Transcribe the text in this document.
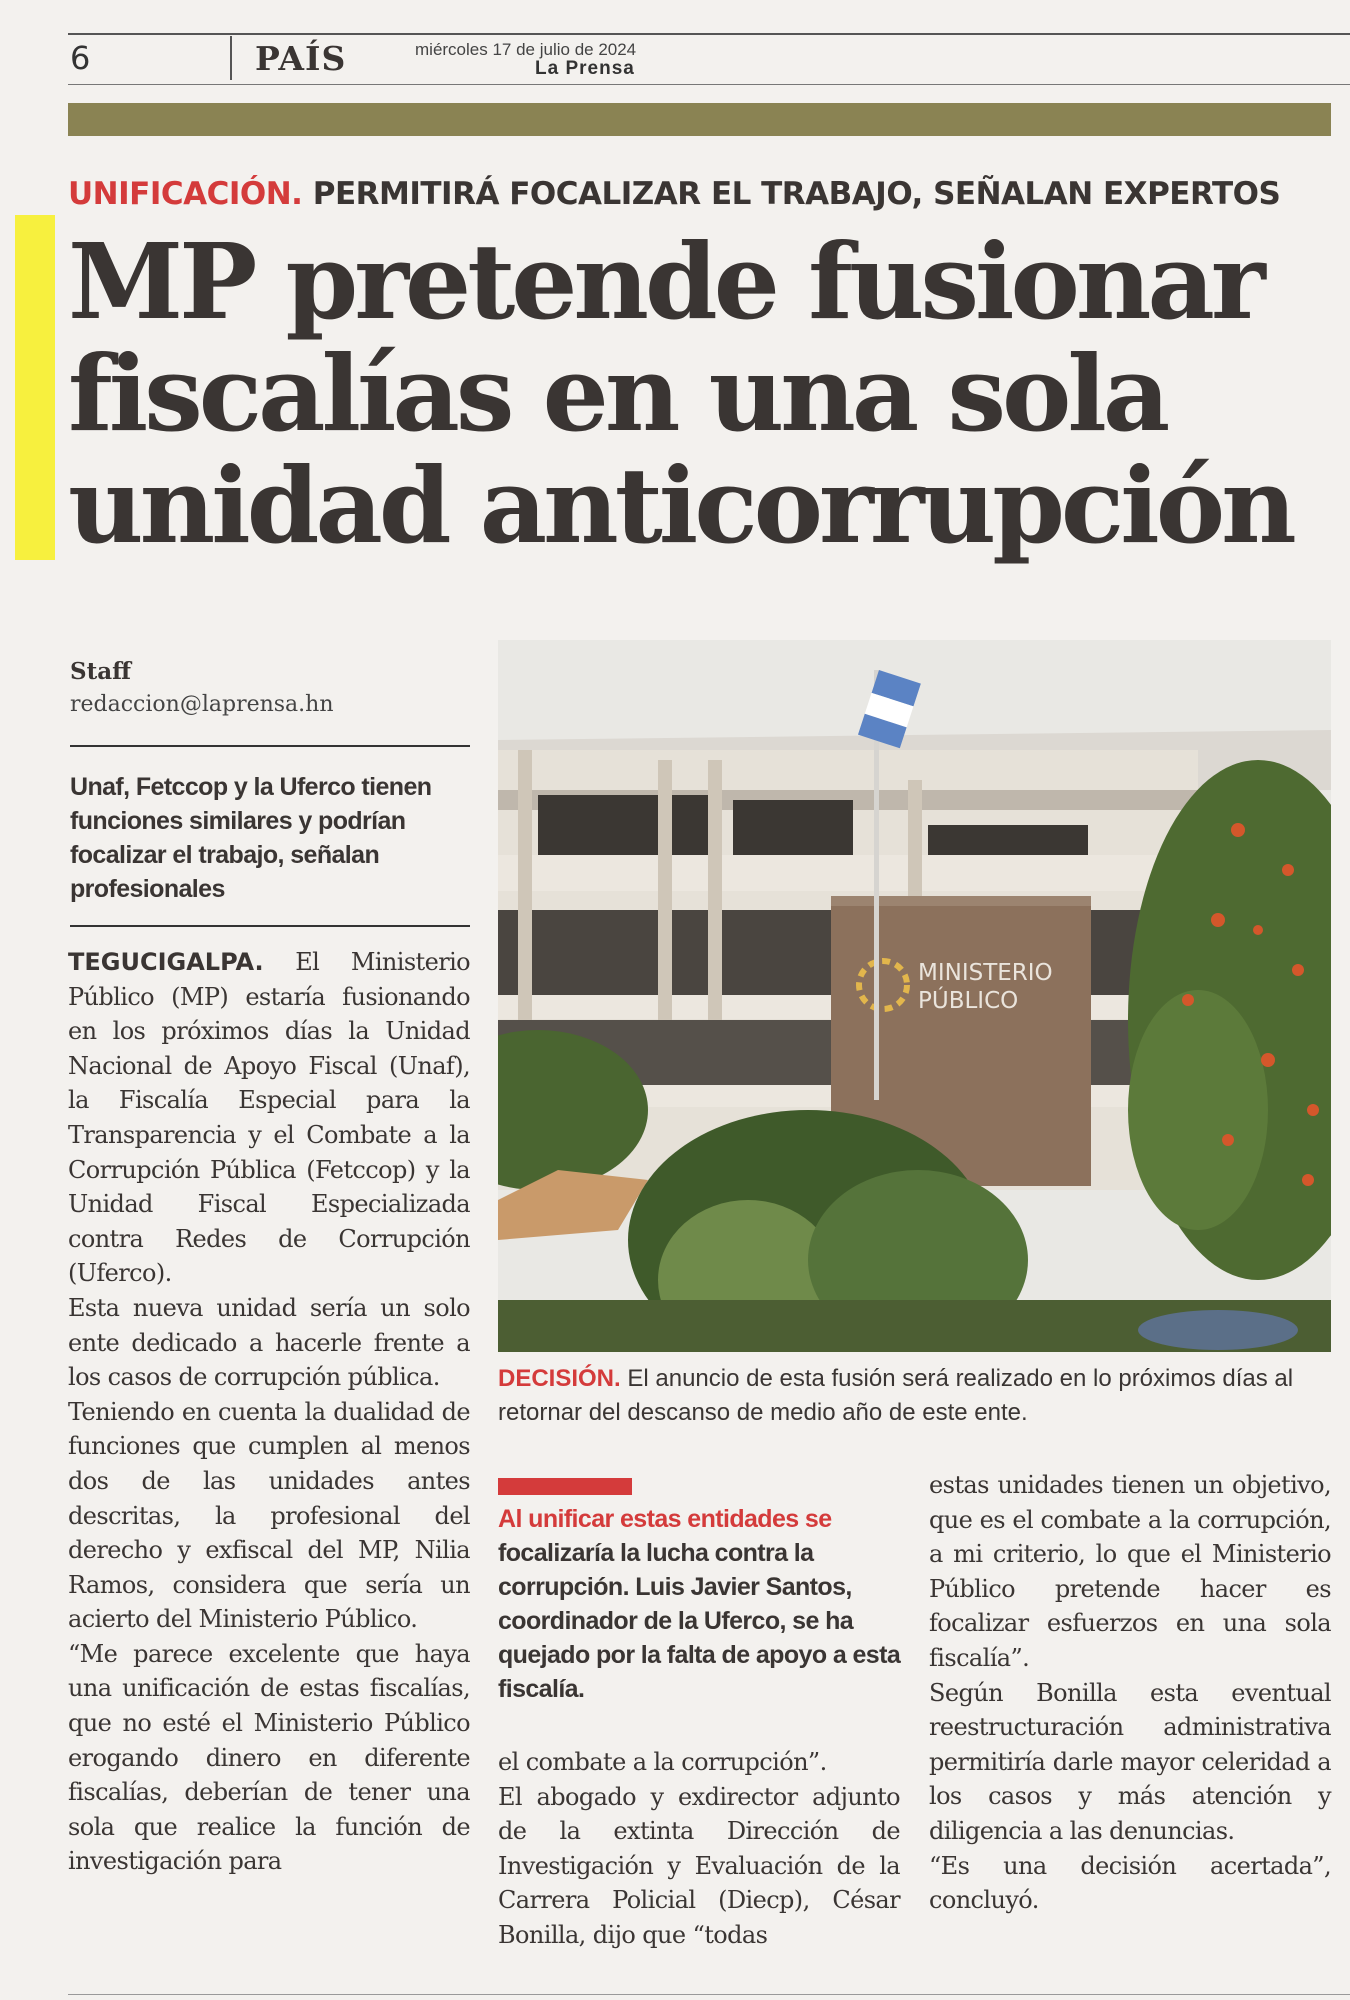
6	PAÍS	miércoles 17 de julio de 2024
La Prensa
UNIFICACIÓN. PERMITIRÁ FOCALIZAR EL TRABAJO, SEÑALAN EXPERTOS
MP pretende fusionar
fiscalías en una sola
unidad anticorrupción
Staff
redaccion@laprensa.hn
Unaf, Fetccop y la Uferco tienen funciones similares y podrían focalizar el trabajo, señalan profesionales

TEGUCIGALPA. El Ministerio Público (MP) estaría fusionando en los próximos días la Unidad Nacional de Apoyo Fiscal (Unaf), la Fiscalía Especial para la Transparencia y el Combate a la Corrupción Pública (Fetccop) y la Unidad Fiscal Especializada contra Redes de Corrupción (Uferco).

Esta nueva unidad sería un solo ente dedicado a hacerle frente a los casos de corrupción pública.

Teniendo en cuenta la dualidad de funciones que cumplen al menos dos de las unidades antes descritas, la profesional del derecho y exfiscal del MP, Nilia Ramos, considera que sería un acierto del Ministerio Público.

“Me parece excelente que haya una unificación de estas fiscalías, que no esté el Ministerio Público erogando dinero en diferente fiscalías, deberían de tener una sola que realice la función de investigación para

MINISTERIO
PÚBLICO
DECISIÓN. El anuncio de esta fusión será realizado en lo próximos días al retornar del descanso de medio año de este ente.
Al unificar estas entidades se focalizaría la lucha contra la corrupción. Luis Javier Santos, coordinador de la Uferco, se ha quejado por la falta de apoyo a esta fiscalía.

el combate a la corrupción”.

El abogado y exdirector adjunto de la extinta Dirección de Investigación y Evaluación de la Carrera Policial (Diecp), César Bonilla, dijo que “todas

estas unidades tienen un objetivo, que es el combate a la corrupción, a mi criterio, lo que el Ministerio Público pretende hacer es focalizar esfuerzos en una sola fiscalía”.

Según Bonilla esta eventual reestructuración administrativa permitiría darle mayor celeridad a los casos y más atención y diligencia a las denuncias.

“Es una decisión acertada”, concluyó.
